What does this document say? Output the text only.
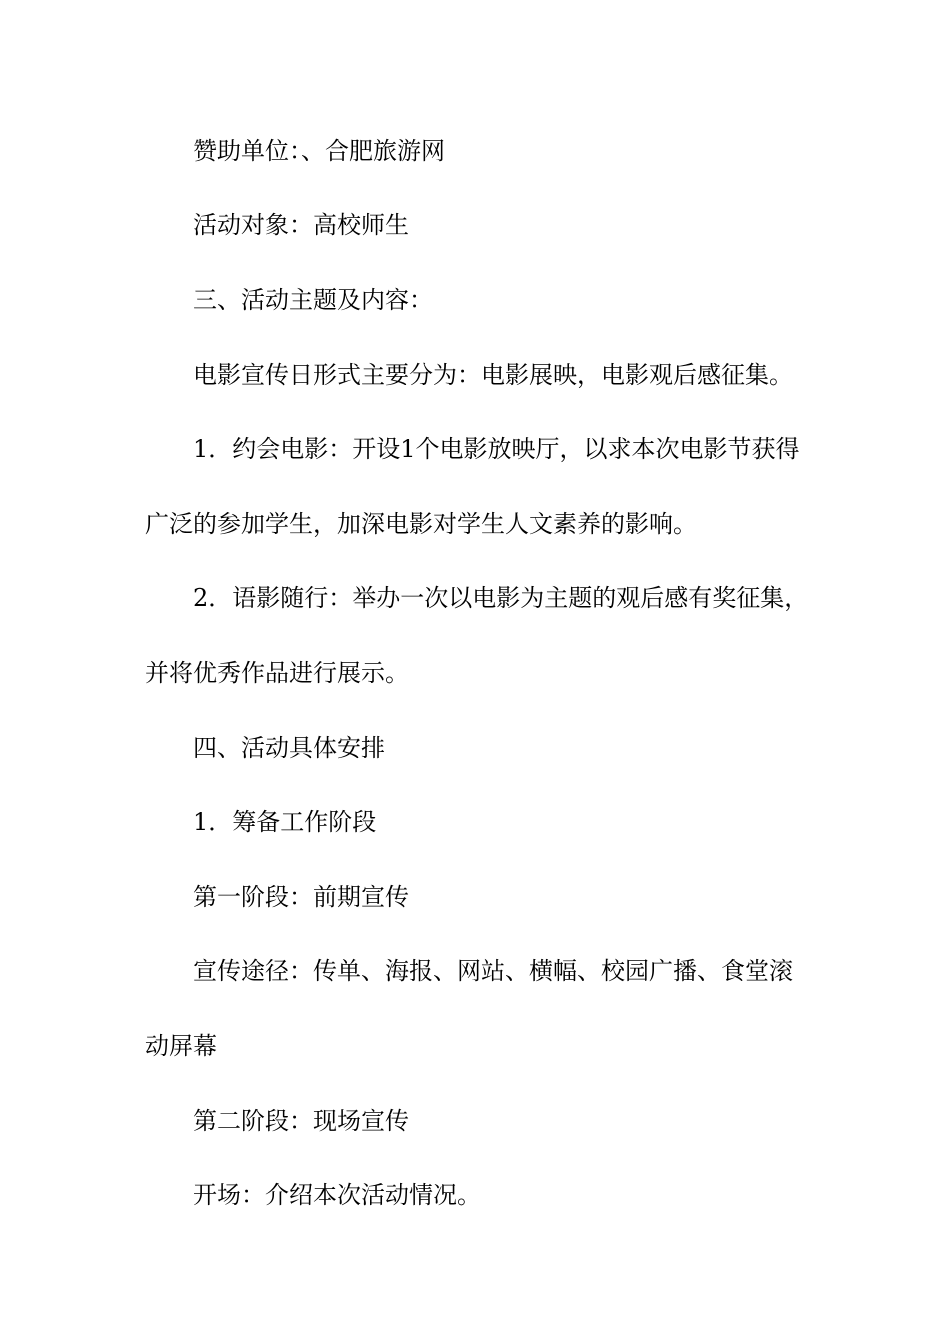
赞助单位：、合肥旅游网
活动对象：高校师生
三、活动主题及内容：
电影宣传日形式主要分为：电影展映，电影观后感征集。
1．约会电影：开设1个电影放映厅，以求本次电影节获得
广泛的参加学生，加深电影对学生人文素养的影响。
2．语影随行：举办一次以电影为主题的观后感有奖征集，
并将优秀作品进行展示。
四、活动具体安排
1．筹备工作阶段
第一阶段：前期宣传
宣传途径：传单、海报、网站、横幅、校园广播、食堂滚
动屏幕
第二阶段：现场宣传
开场：介绍本次活动情况。
